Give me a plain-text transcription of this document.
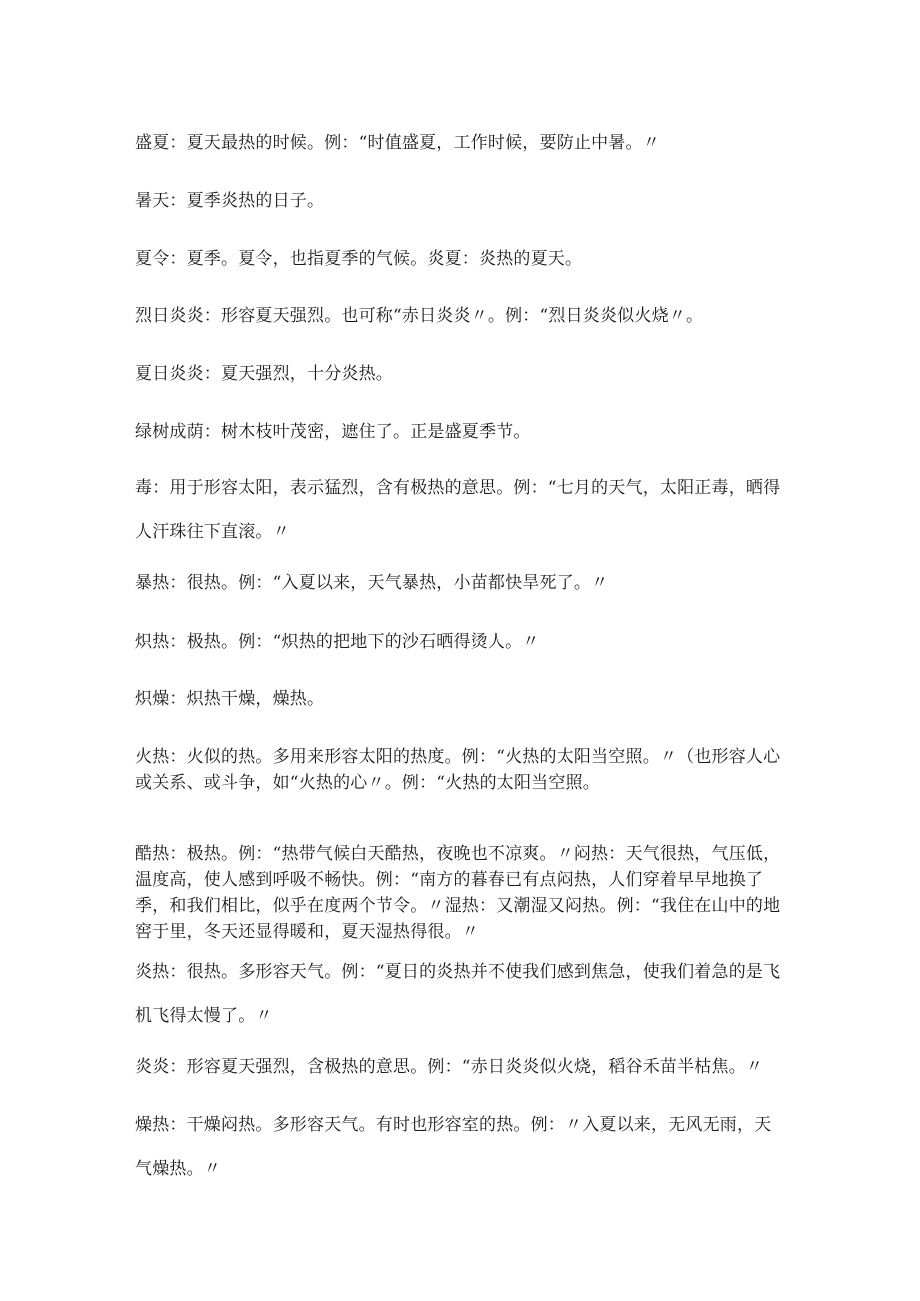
盛夏：夏天最热的时候。例：“时值盛夏，工作时候，要防止中暑。〃

暑天：夏季炎热的日子。

夏令：夏季。夏令，也指夏季的气候。炎夏：炎热的夏天。

烈日炎炎：形容夏天强烈。也可称“赤日炎炎〃。例：“烈日炎炎似火烧〃。

夏日炎炎：夏天强烈，十分炎热。

绿树成荫：树木枝叶茂密，遮住了。正是盛夏季节。

毒：用于形容太阳，表示猛烈，含有极热的意思。例：“七月的天气，太阳正毒，晒得人汗珠往下直滚。〃

暴热：很热。例：“入夏以来，天气暴热，小苗都快旱死了。〃

炽热：极热。例：“炽热的把地下的沙石晒得烫人。〃

炽燥：炽热干燥，燥热。

火热：火似的热。多用来形容太阳的热度。例：“火热的太阳当空照。〃（也形容人心或关系、或斗争，如“火热的心〃。例：“火热的太阳当空照。

酷热：极热。例：“热带气候白天酷热，夜晚也不凉爽。〃闷热：天气很热，气压低，温度高，使人感到呼吸不畅快。例：“南方的暮春已有点闷热，人们穿着早早地换了季，和我们相比，似乎在度两个节令。〃湿热：又潮湿又闷热。例：“我住在山中的地窖于里，冬天还显得暖和，夏天湿热得很。〃

炎热：很热。多形容天气。例：“夏日的炎热并不使我们感到焦急，使我们着急的是飞机飞得太慢了。〃

炎炎：形容夏天强烈，含极热的意思。例：“赤日炎炎似火烧，稻谷禾苗半枯焦。〃

燥热：干燥闷热。多形容天气。有时也形容室的热。例：〃入夏以来，无风无雨，天气燥热。〃
